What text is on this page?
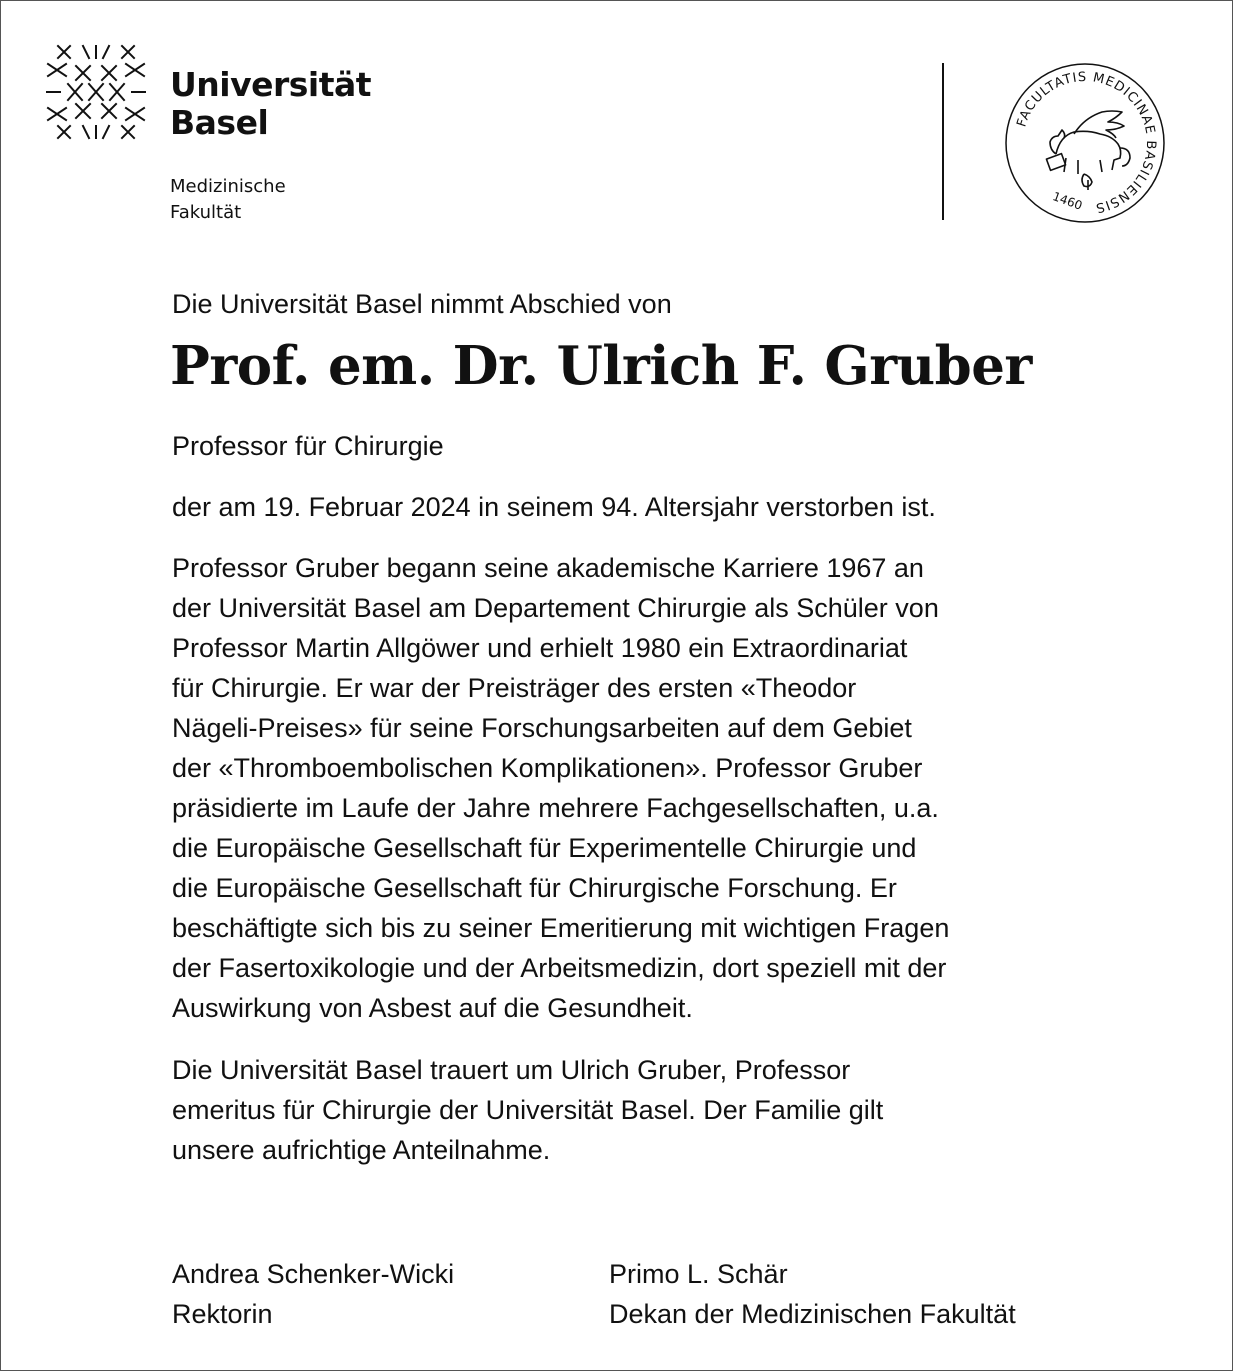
Universität
Basel
Medizinische
Fakultät
FACULTATIS MEDICINAE BASILIENSIS
1460
Die Universität Basel nimmt Abschied von
Prof. em. Dr. Ulrich F. Gruber
Professor für Chirurgie
der am 19. Februar 2024 in seinem 94. Altersjahr verstorben ist.
Professor Gruber begann seine akademische Karriere 1967 an
der Universität Basel am Departement Chirurgie als Schüler von
Professor Martin Allgöwer und erhielt 1980 ein Extraordinariat
für Chirurgie. Er war der Preisträger des ersten «Theodor
Nägeli-Preises» für seine Forschungsarbeiten auf dem Gebiet
der «Thromboembolischen Komplikationen». Professor Gruber
präsidierte im Laufe der Jahre mehrere Fachgesellschaften, u.a.
die Europäische Gesellschaft für Experimentelle Chirurgie und
die Europäische Gesellschaft für Chirurgische Forschung. Er
beschäftigte sich bis zu seiner Emeritierung mit wichtigen Fragen
der Fasertoxikologie und der Arbeitsmedizin, dort speziell mit der
Auswirkung von Asbest auf die Gesundheit.
Die Universität Basel trauert um Ulrich Gruber, Professor
emeritus für Chirurgie der Universität Basel. Der Familie gilt
unsere aufrichtige Anteilnahme.
Andrea Schenker-Wicki
Rektorin
Primo L. Schär
Dekan der Medizinischen Fakultät
